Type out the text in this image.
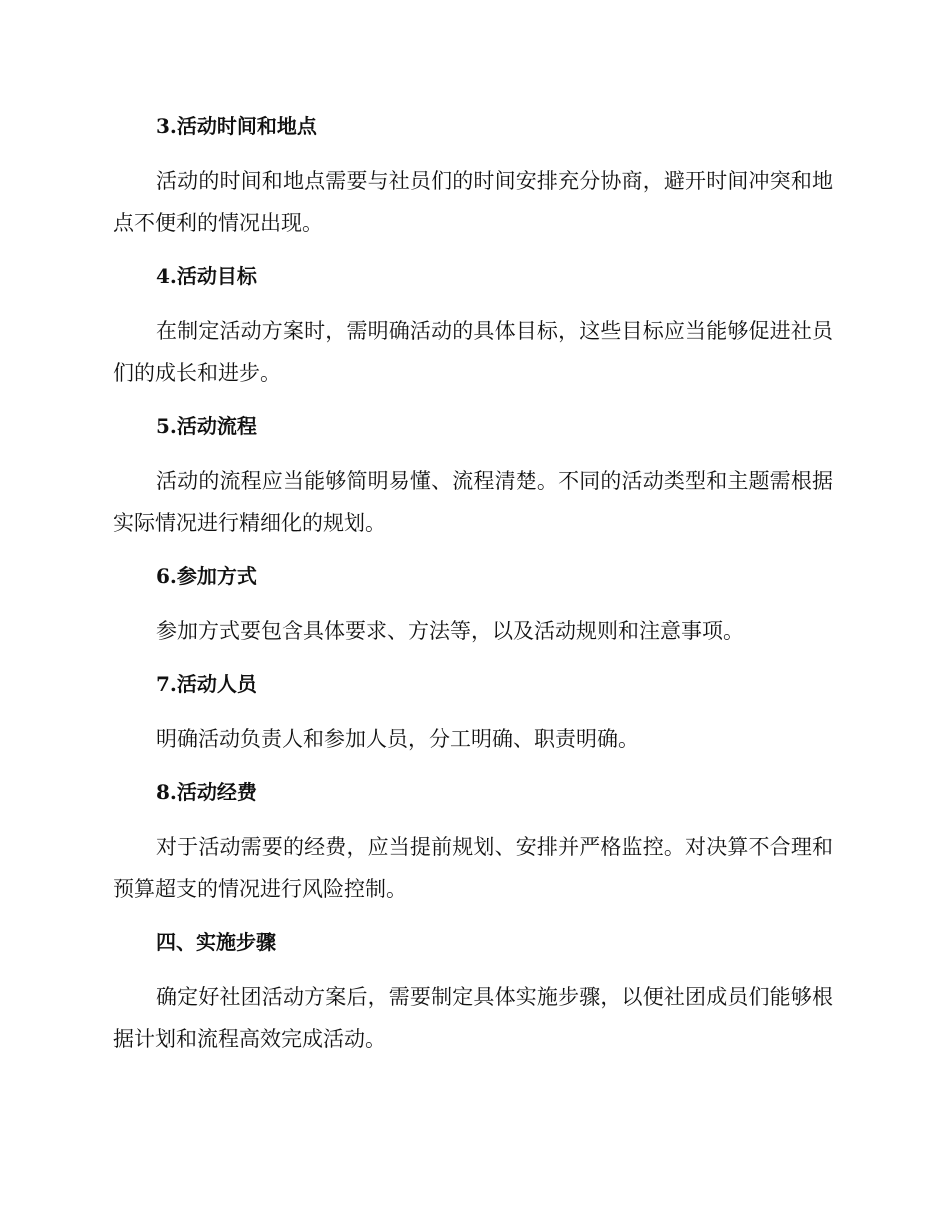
3.活动时间和地点
活动的时间和地点需要与社员们的时间安排充分协商，避开时间冲突和地点不便利的情况出现。
4.活动目标
在制定活动方案时，需明确活动的具体目标，这些目标应当能够促进社员们的成长和进步。
5.活动流程
活动的流程应当能够简明易懂、流程清楚。不同的活动类型和主题需根据实际情况进行精细化的规划。
6.参加方式
参加方式要包含具体要求、方法等，以及活动规则和注意事项。
7.活动人员
明确活动负责人和参加人员，分工明确、职责明确。
8.活动经费
对于活动需要的经费，应当提前规划、安排并严格监控。对决算不合理和预算超支的情况进行风险控制。
四、实施步骤
确定好社团活动方案后，需要制定具体实施步骤，以便社团成员们能够根据计划和流程高效完成活动。
